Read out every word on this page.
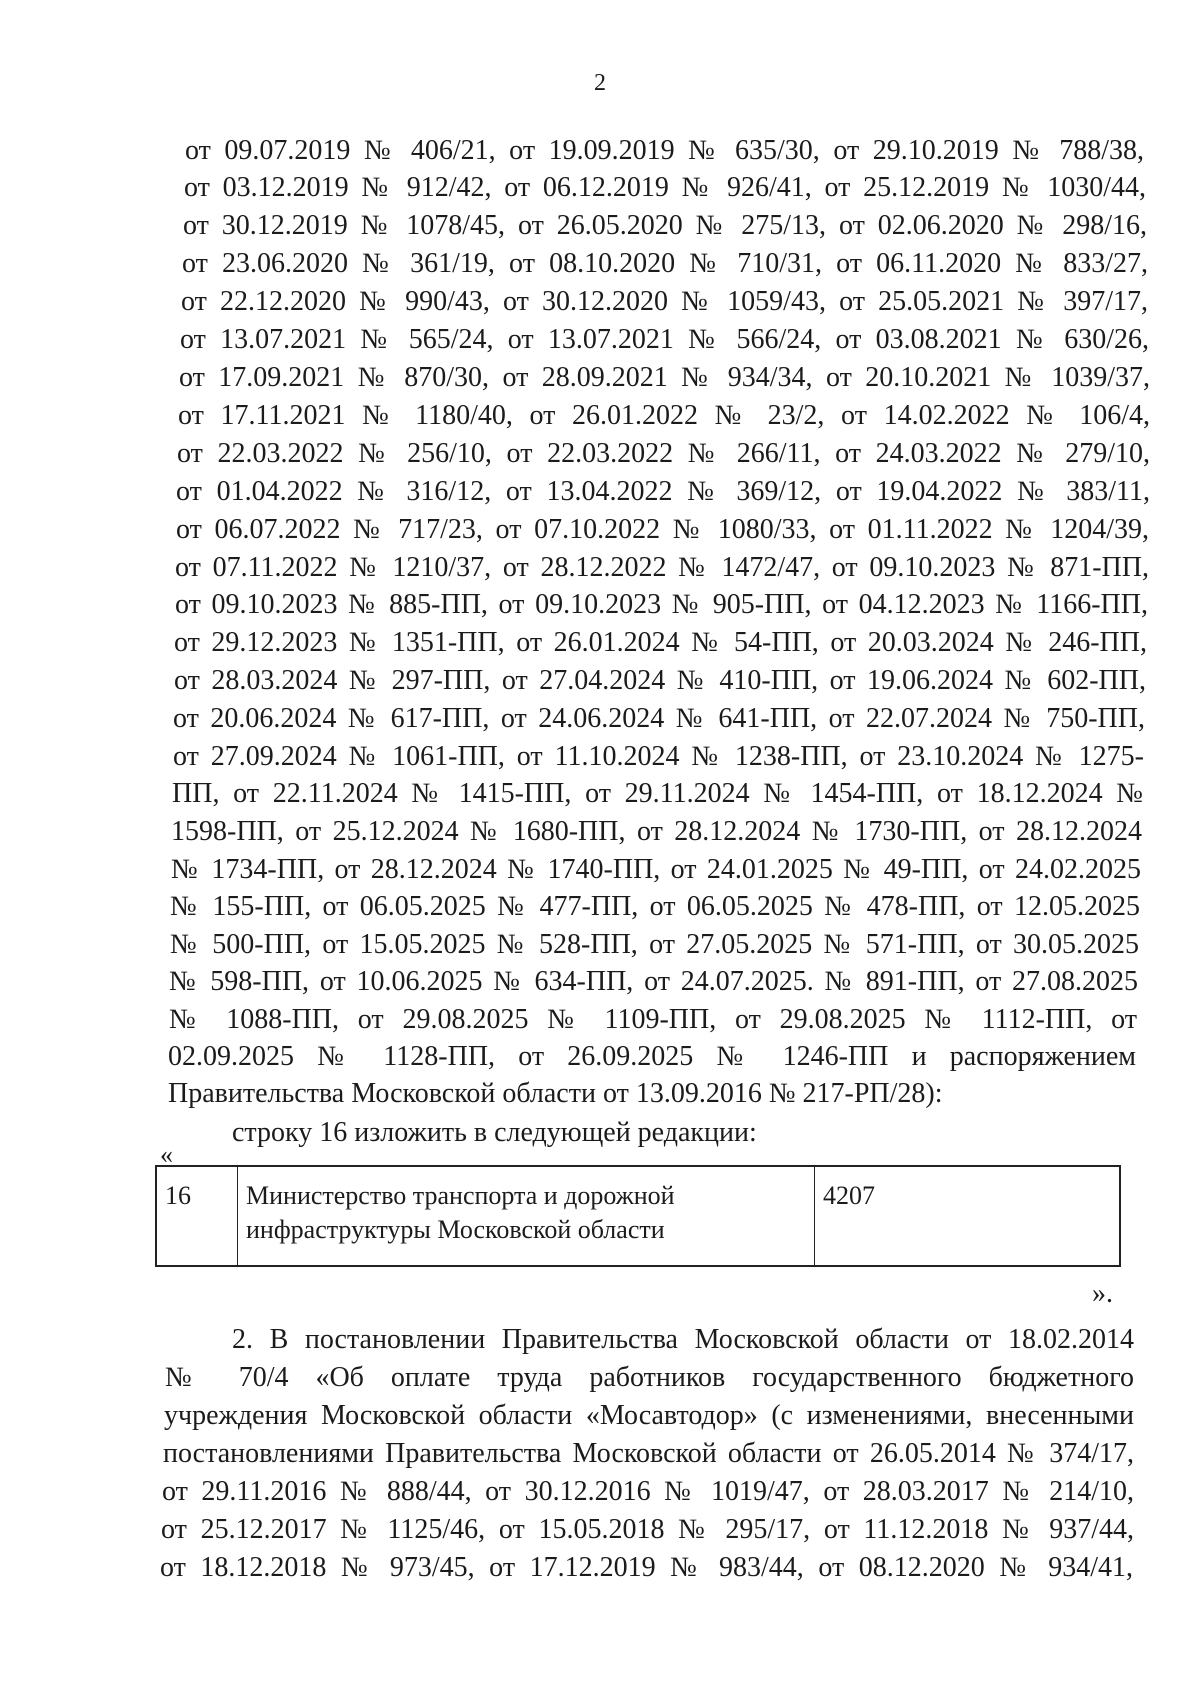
2
от 09.07.2019 № 406/21, от 19.09.2019 № 635/30, от 29.10.2019 № 788/38,
от 03.12.2019 № 912/42, от 06.12.2019 № 926/41, от 25.12.2019 № 1030/44,
от 30.12.2019 № 1078/45, от 26.05.2020 № 275/13, от 02.06.2020 № 298/16,
от 23.06.2020 № 361/19, от 08.10.2020 № 710/31, от 06.11.2020 № 833/27,
от 22.12.2020 № 990/43, от 30.12.2020 № 1059/43, от 25.05.2021 № 397/17,
от 13.07.2021 № 565/24, от 13.07.2021 № 566/24, от 03.08.2021 № 630/26,
от 17.09.2021 № 870/30, от 28.09.2021 № 934/34, от 20.10.2021 № 1039/37,
от 17.11.2021 № 1180/40, от 26.01.2022 № 23/2, от 14.02.2022 № 106/4,
от 22.03.2022 № 256/10, от 22.03.2022 № 266/11, от 24.03.2022 № 279/10,
от 01.04.2022 № 316/12, от 13.04.2022 № 369/12, от 19.04.2022 № 383/11,
от 06.07.2022 № 717/23, от 07.10.2022 № 1080/33, от 01.11.2022 № 1204/39,
от 07.11.2022 № 1210/37, от 28.12.2022 № 1472/47, от 09.10.2023 № 871-ПП,
от 09.10.2023 № 885-ПП, от 09.10.2023 № 905-ПП, от 04.12.2023 № 1166-ПП,
от 29.12.2023 № 1351-ПП, от 26.01.2024 № 54-ПП, от 20.03.2024 № 246-ПП,
от 28.03.2024 № 297-ПП, от 27.04.2024 № 410-ПП, от 19.06.2024 № 602-ПП,
от 20.06.2024 № 617-ПП, от 24.06.2024 № 641-ПП, от 22.07.2024 № 750-ПП,
от 27.09.2024 № 1061-ПП, от 11.10.2024 № 1238-ПП, от 23.10.2024 № 1275-
ПП, от 22.11.2024 № 1415-ПП, от 29.11.2024 № 1454-ПП, от 18.12.2024 №
1598-ПП, от 25.12.2024 № 1680-ПП, от 28.12.2024 № 1730-ПП, от 28.12.2024
№ 1734-ПП, от 28.12.2024 № 1740-ПП, от 24.01.2025 № 49-ПП, от 24.02.2025
№ 155-ПП, от 06.05.2025 № 477-ПП, от 06.05.2025 № 478-ПП, от 12.05.2025
№ 500-ПП, от 15.05.2025 № 528-ПП, от 27.05.2025 № 571-ПП, от 30.05.2025
№ 598-ПП, от 10.06.2025 № 634-ПП, от 24.07.2025. № 891-ПП, от 27.08.2025
№ 1088-ПП, от 29.08.2025 № 1109-ПП, от 29.08.2025 № 1112-ПП, от
02.09.2025 № 1128-ПП, от 26.09.2025 № 1246-ПП и распоряжением
Правительства Московской области от 13.09.2016 № 217-РП/28):
строку 16 изложить в следующей редакции:
«
16	Министерство транспорта и дорожной инфраструктуры Московской области	4207
».
2. В постановлении Правительства Московской области от 18.02.2014
№ 70/4 «Об оплате труда работников государственного бюджетного
учреждения Московской области «Мосавтодор» (с изменениями, внесенными
постановлениями Правительства Московской области от 26.05.2014 № 374/17,
от 29.11.2016 № 888/44, от 30.12.2016 № 1019/47, от 28.03.2017 № 214/10,
от 25.12.2017 № 1125/46, от 15.05.2018 № 295/17, от 11.12.2018 № 937/44,
от 18.12.2018 № 973/45, от 17.12.2019 № 983/44, от 08.12.2020 № 934/41,
